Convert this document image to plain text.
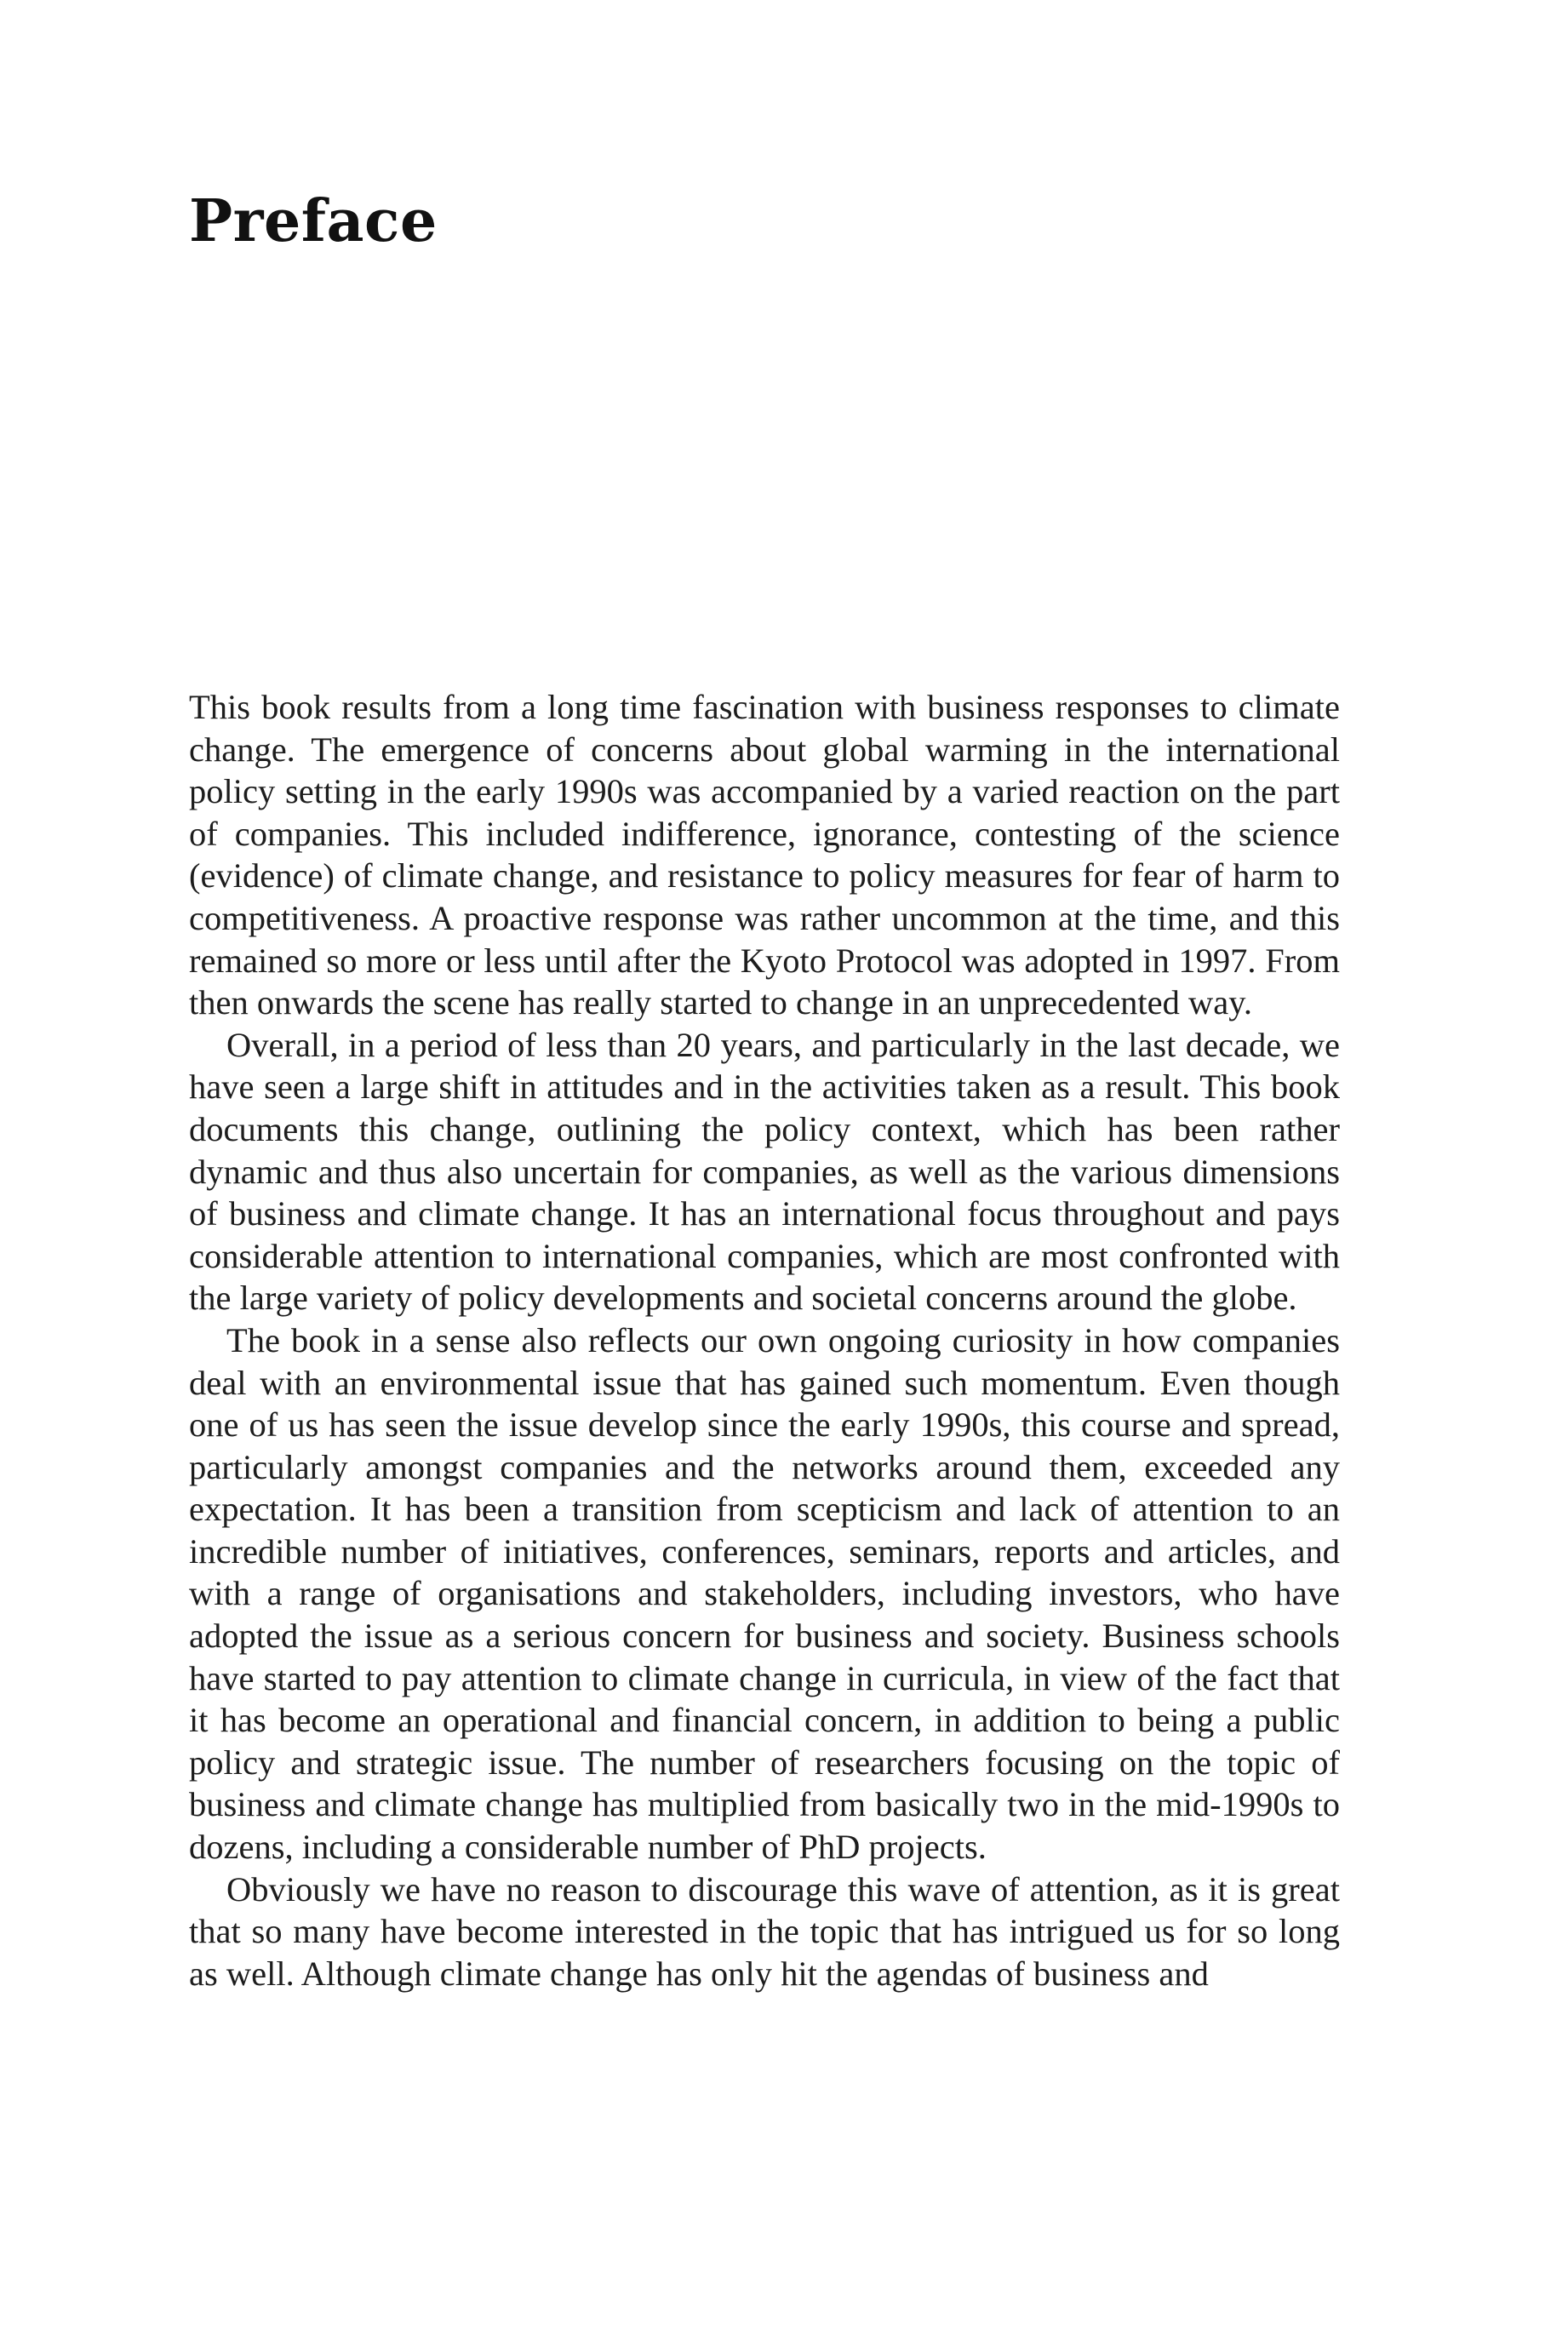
Preface

This book results from a long time fascination with business responses to climate change. The emergence of concerns about global warming in the international policy setting in the early 1990s was accompanied by a varied reaction on the part of companies. This included indifference, ignorance, contesting of the science (evidence) of climate change, and resistance to policy measures for fear of harm to competitiveness. A proactive response was rather uncommon at the time, and this remained so more or less until after the Kyoto Protocol was adopted in 1997. From then onwards the scene has really started to change in an unprecedented way.

Overall, in a period of less than 20 years, and particularly in the last decade, we have seen a large shift in attitudes and in the activities taken as a result. This book documents this change, outlining the policy context, which has been rather dynamic and thus also uncertain for companies, as well as the various dimensions of business and climate change. It has an international focus throughout and pays considerable attention to international companies, which are most confronted with the large variety of policy developments and societal concerns around the globe.

The book in a sense also reflects our own ongoing curiosity in how companies deal with an environmental issue that has gained such momentum. Even though one of us has seen the issue develop since the early 1990s, this course and spread, particularly amongst companies and the networks around them, exceeded any expectation. It has been a transition from scepticism and lack of attention to an incredible number of initiatives, conferences, seminars, reports and articles, and with a range of organisations and stakeholders, including investors, who have adopted the issue as a serious concern for business and society. Business schools have started to pay attention to climate change in curricula, in view of the fact that it has become an operational and financial concern, in addition to being a public policy and strategic issue. The number of researchers focusing on the topic of business and climate change has multiplied from basically two in the mid-1990s to dozens, including a considerable number of PhD projects.

Obviously we have no reason to discourage this wave of attention, as it is great that so many have become interested in the topic that has intrigued us for so long as well. Although climate change has only hit the agendas of business and
